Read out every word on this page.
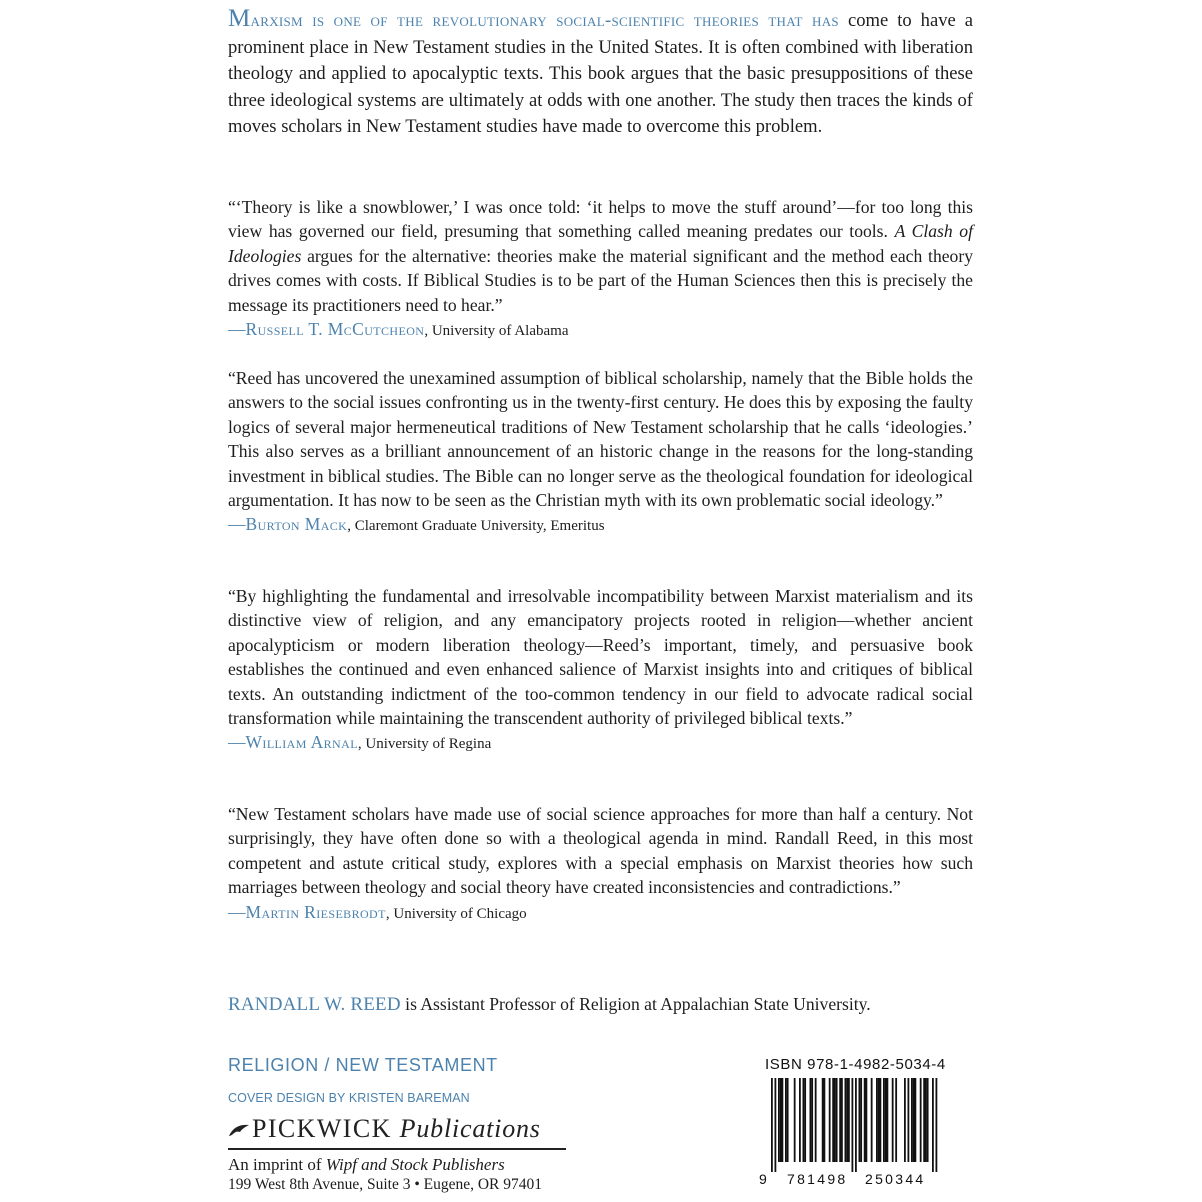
Marxism is one of the revolutionary social-scientific theories that has come to have a prominent place in New Testament studies in the United States. It is often combined with liberation theology and applied to apocalyptic texts. This book argues that the basic presuppositions of these three ideological systems are ultimately at odds with one another. The study then traces the kinds of moves scholars in New Testament studies have made to overcome this problem.
“‘Theory is like a snowblower,’ I was once told: ‘it helps to move the stuff around’—for too long this view has governed our field, presuming that something called meaning predates our tools. A Clash of Ideologies argues for the alternative: theories make the material significant and the method each theory drives comes with costs. If Biblical Studies is to be part of the Human Sciences then this is precisely the message its practitioners need to hear.”
—Russell T. McCutcheon, University of Alabama
“Reed has uncovered the unexamined assumption of biblical scholarship, namely that the Bible holds the answers to the social issues confronting us in the twenty-first century. He does this by exposing the faulty logics of several major hermeneutical traditions of New Testament scholarship that he calls ‘ideologies.’ This also serves as a brilliant announcement of an historic change in the reasons for the long-standing investment in biblical studies. The Bible can no longer serve as the theological foundation for ideological argumentation. It has now to be seen as the Christian myth with its own problematic social ideology.”
—Burton Mack, Claremont Graduate University, Emeritus
“By highlighting the fundamental and irresolvable incompatibility between Marxist materialism and its distinctive view of religion, and any emancipatory projects rooted in religion—whether ancient apocalypticism or modern liberation theology—Reed’s important, timely, and persuasive book establishes the continued and even enhanced salience of Marxist insights into and critiques of biblical texts. An outstanding indictment of the too-common tendency in our field to advocate radical social transformation while maintaining the transcendent authority of privileged biblical texts.”
—William Arnal, University of Regina
“New Testament scholars have made use of social science approaches for more than half a century. Not surprisingly, they have often done so with a theological agenda in mind. Randall Reed, in this most competent and astute critical study, explores with a special emphasis on Marxist theories how such marriages between theology and social theory have created inconsistencies and contradictions.”
—Martin Riesebrodt, University of Chicago
RANDALL W. REED is Assistant Professor of Religion at Appalachian State University.
RELIGION / NEW TESTAMENT
COVER DESIGN BY KRISTEN BAREMAN
PICKWICK Publications
An imprint of Wipf and Stock Publishers
199 West 8th Avenue, Suite 3 • Eugene, OR 97401
ISBN 978-1-4982-5034-4
9 781498 250344
